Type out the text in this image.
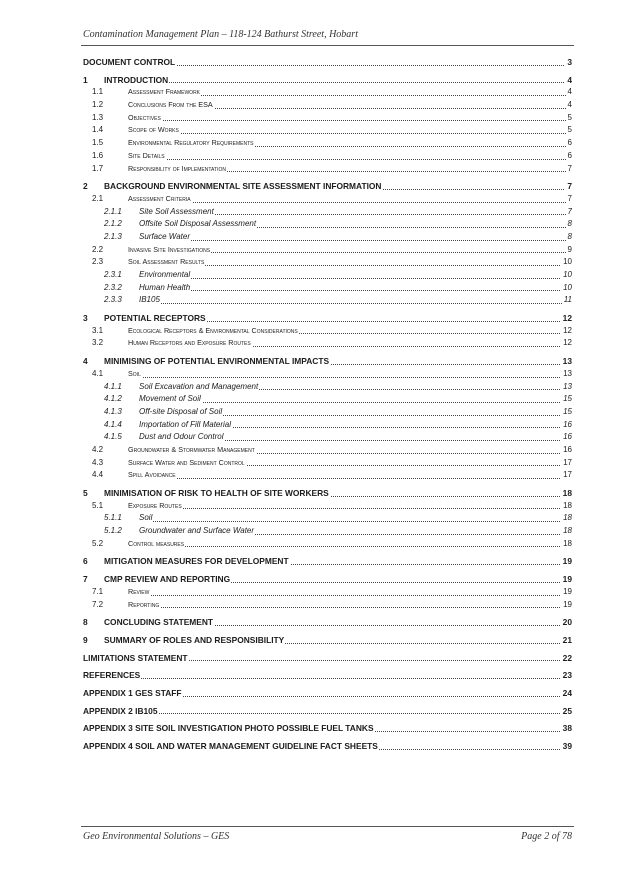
Contamination Management Plan – 118-124 Bathurst Street, Hobart
DOCUMENT CONTROL	3
1 INTRODUCTION	4
1.1	Assessment Framework	4
1.2	Conclusions From the ESA	4
1.3	Objectives	5
1.4	Scope of Works	5
1.5	Environmental Regulatory Requirements	6
1.6	Site Details	6
1.7	Responsibility of Implementation	7
2 BACKGROUND ENVIRONMENTAL SITE ASSESSMENT INFORMATION	7
2.1	Assessment Criteria	7
2.1.1 Site Soil Assessment	7
2.1.2 Offsite Soil Disposal Assessment	8
2.1.3 Surface Water	8
2.2	Invasive Site Investigations	9
2.3	Soil Assessment Results	10
2.3.1 Environmental	10
2.3.2 Human Health	10
2.3.3 IB105	11
3 POTENTIAL RECEPTORS	12
3.1	Ecological Receptors & Environmental Considerations	12
3.2	Human Receptors and Exposure Routes	12
4 MINIMISING OF POTENTIAL ENVIRONMENTAL IMPACTS	13
4.1	Soil	13
4.1.1 Soil Excavation and Management	13
4.1.2 Movement of Soil	15
4.1.3 Off-site Disposal of Soil	15
4.1.4 Importation of Fill Material	16
4.1.5 Dust and Odour Control	16
4.2	Groundwater & Stormwater Management	16
4.3	Surface Water and Sediment Control	17
4.4	Spill Avoidance	17
5 MINIMISATION OF RISK TO HEALTH OF SITE WORKERS	18
5.1	Exposure Routes	18
5.1.1 Soil	18
5.1.2 Groundwater and Surface Water	18
5.2	Control measures	18
6 MITIGATION MEASURES FOR DEVELOPMENT	19
7 CMP REVIEW AND REPORTING	19
7.1	Review	19
7.2	Reporting	19
8 CONCLUDING STATEMENT	20
9 SUMMARY OF ROLES AND RESPONSIBILITY	21
LIMITATIONS STATEMENT	22
REFERENCES	23
APPENDIX 1 GES STAFF	24
APPENDIX 2 IB105	25
APPENDIX 3 SITE SOIL INVESTIGATION PHOTO POSSIBLE FUEL TANKS	38
APPENDIX 4 SOIL AND WATER MANAGEMENT GUIDELINE FACT SHEETS	39
Geo Environmental Solutions – GES	Page 2 of 78
